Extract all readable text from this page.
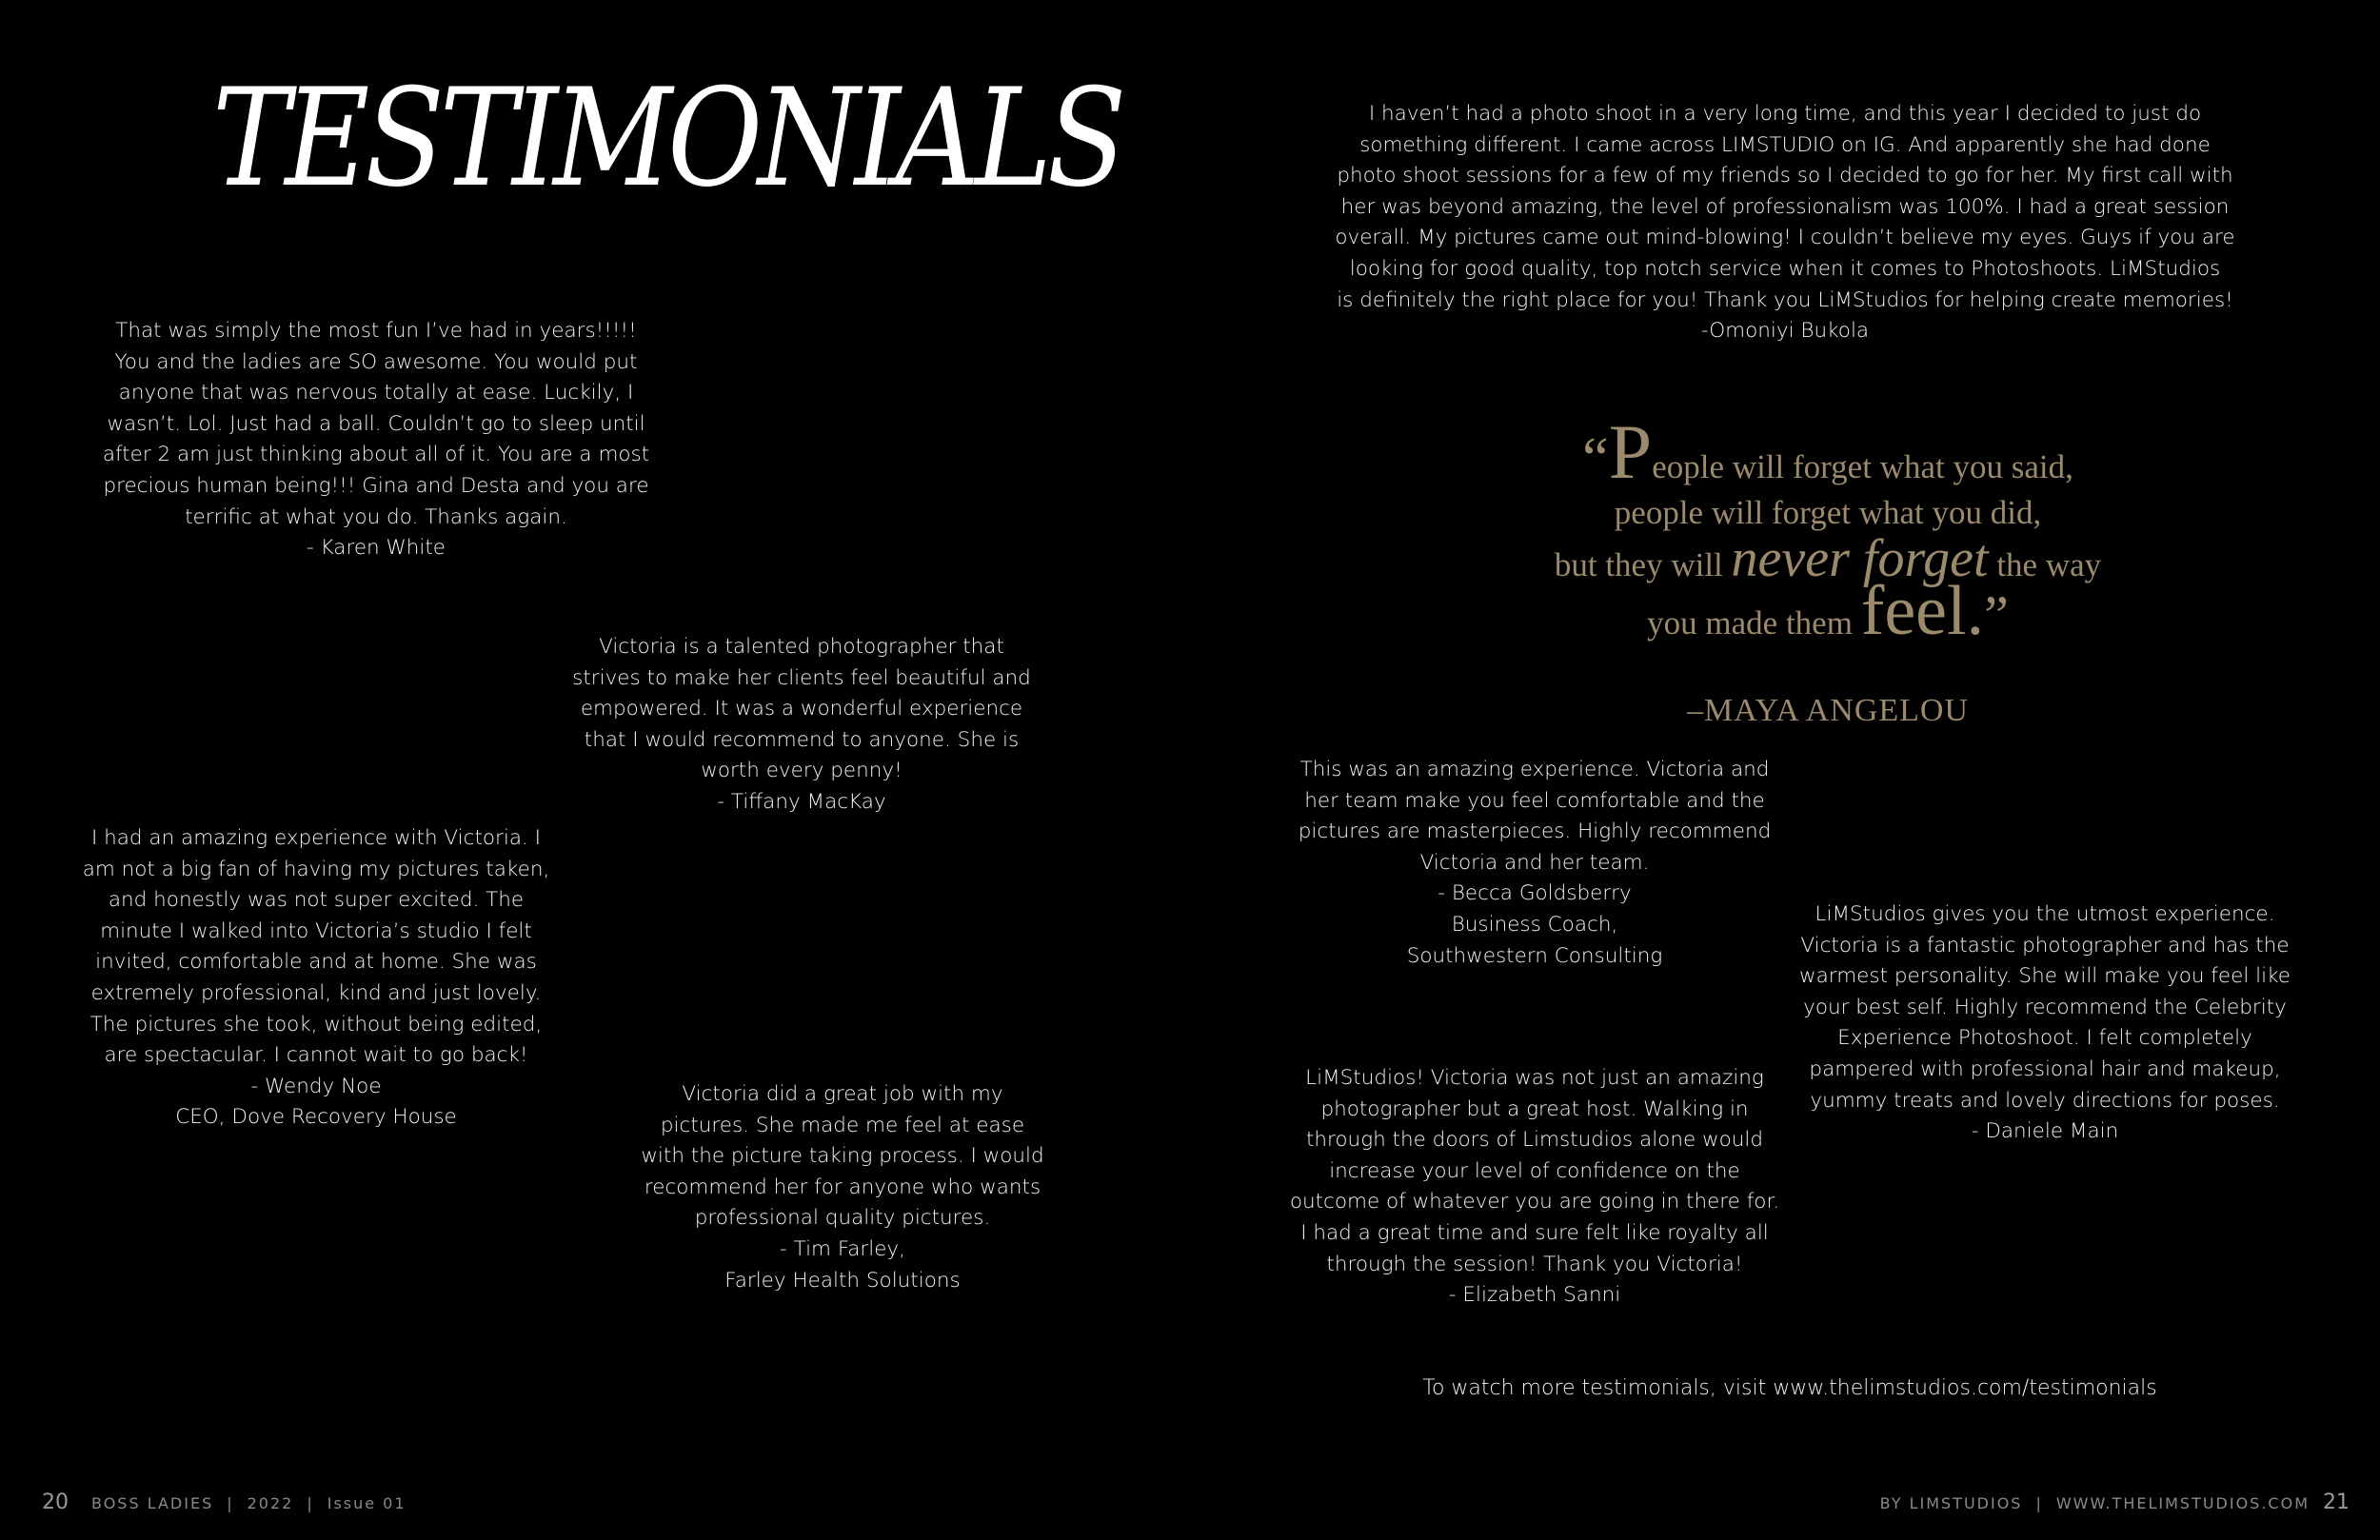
TESTIMONIALS
That was simply the most fun I’ve had in years!!!!!
You and the ladies are SO awesome. You would put
anyone that was nervous totally at ease. Luckily, I
wasn’t. Lol. Just had a ball. Couldn’t go to sleep until
after 2 am just thinking about all of it. You are a most
precious human being!!! Gina and Desta and you are
terrific at what you do. Thanks again.
- Karen White
Victoria is a talented photographer that
strives to make her clients feel beautiful and
empowered. It was a wonderful experience
that I would recommend to anyone. She is
worth every penny!
- Tiffany MacKay
I had an amazing experience with Victoria. I
am not a big fan of having my pictures taken,
and honestly was not super excited. The
minute I walked into Victoria’s studio I felt
invited, comfortable and at home. She was
extremely professional, kind and just lovely.
The pictures she took, without being edited,
are spectacular. I cannot wait to go back!
- Wendy Noe
CEO, Dove Recovery House
Victoria did a great job with my
pictures. She made me feel at ease
with the picture taking process. I would
recommend her for anyone who wants
professional quality pictures.
- Tim Farley,
Farley Health Solutions
I haven’t had a photo shoot in a very long time, and this year I decided to just do
something different. I came across LIMSTUDIO on IG. And apparently she had done
photo shoot sessions for a few of my friends so I decided to go for her. My first call with
her was beyond amazing, the level of professionalism was 100%. I had a great session
overall. My pictures came out mind-blowing! I couldn’t believe my eyes. Guys if you are
looking for good quality, top notch service when it comes to Photoshoots. LiMStudios
is definitely the right place for you! Thank you LiMStudios for helping create memories!
-Omoniyi Bukola
This was an amazing experience. Victoria and
her team make you feel comfortable and the
pictures are masterpieces. Highly recommend
Victoria and her team.
- Becca Goldsberry
Business Coach,
Southwestern Consulting
LiMStudios gives you the utmost experience.
Victoria is a fantastic photographer and has the
warmest personality. She will make you feel like
your best self. Highly recommend the Celebrity
Experience Photoshoot. I felt completely
pampered with professional hair and makeup,
yummy treats and lovely directions for poses.
- Daniele Main
LiMStudios! Victoria was not just an amazing
photographer but a great host. Walking in
through the doors of Limstudios alone would
increase your level of confidence on the
outcome of whatever you are going in there for.
I had a great time and sure felt like royalty all
through the session! Thank you Victoria!
- Elizabeth Sanni
“People will forget what you said,
people will forget what you did,
but they will never forget the way
you made them feel.”
–MAYA ANGELOU
To watch more testimonials, visit www.thelimstudios.com/testimonials
20 BOSS LADIES | 2022 | Issue 01	BY LIMSTUDIOS | WWW.THELIMSTUDIOS.COM 21
